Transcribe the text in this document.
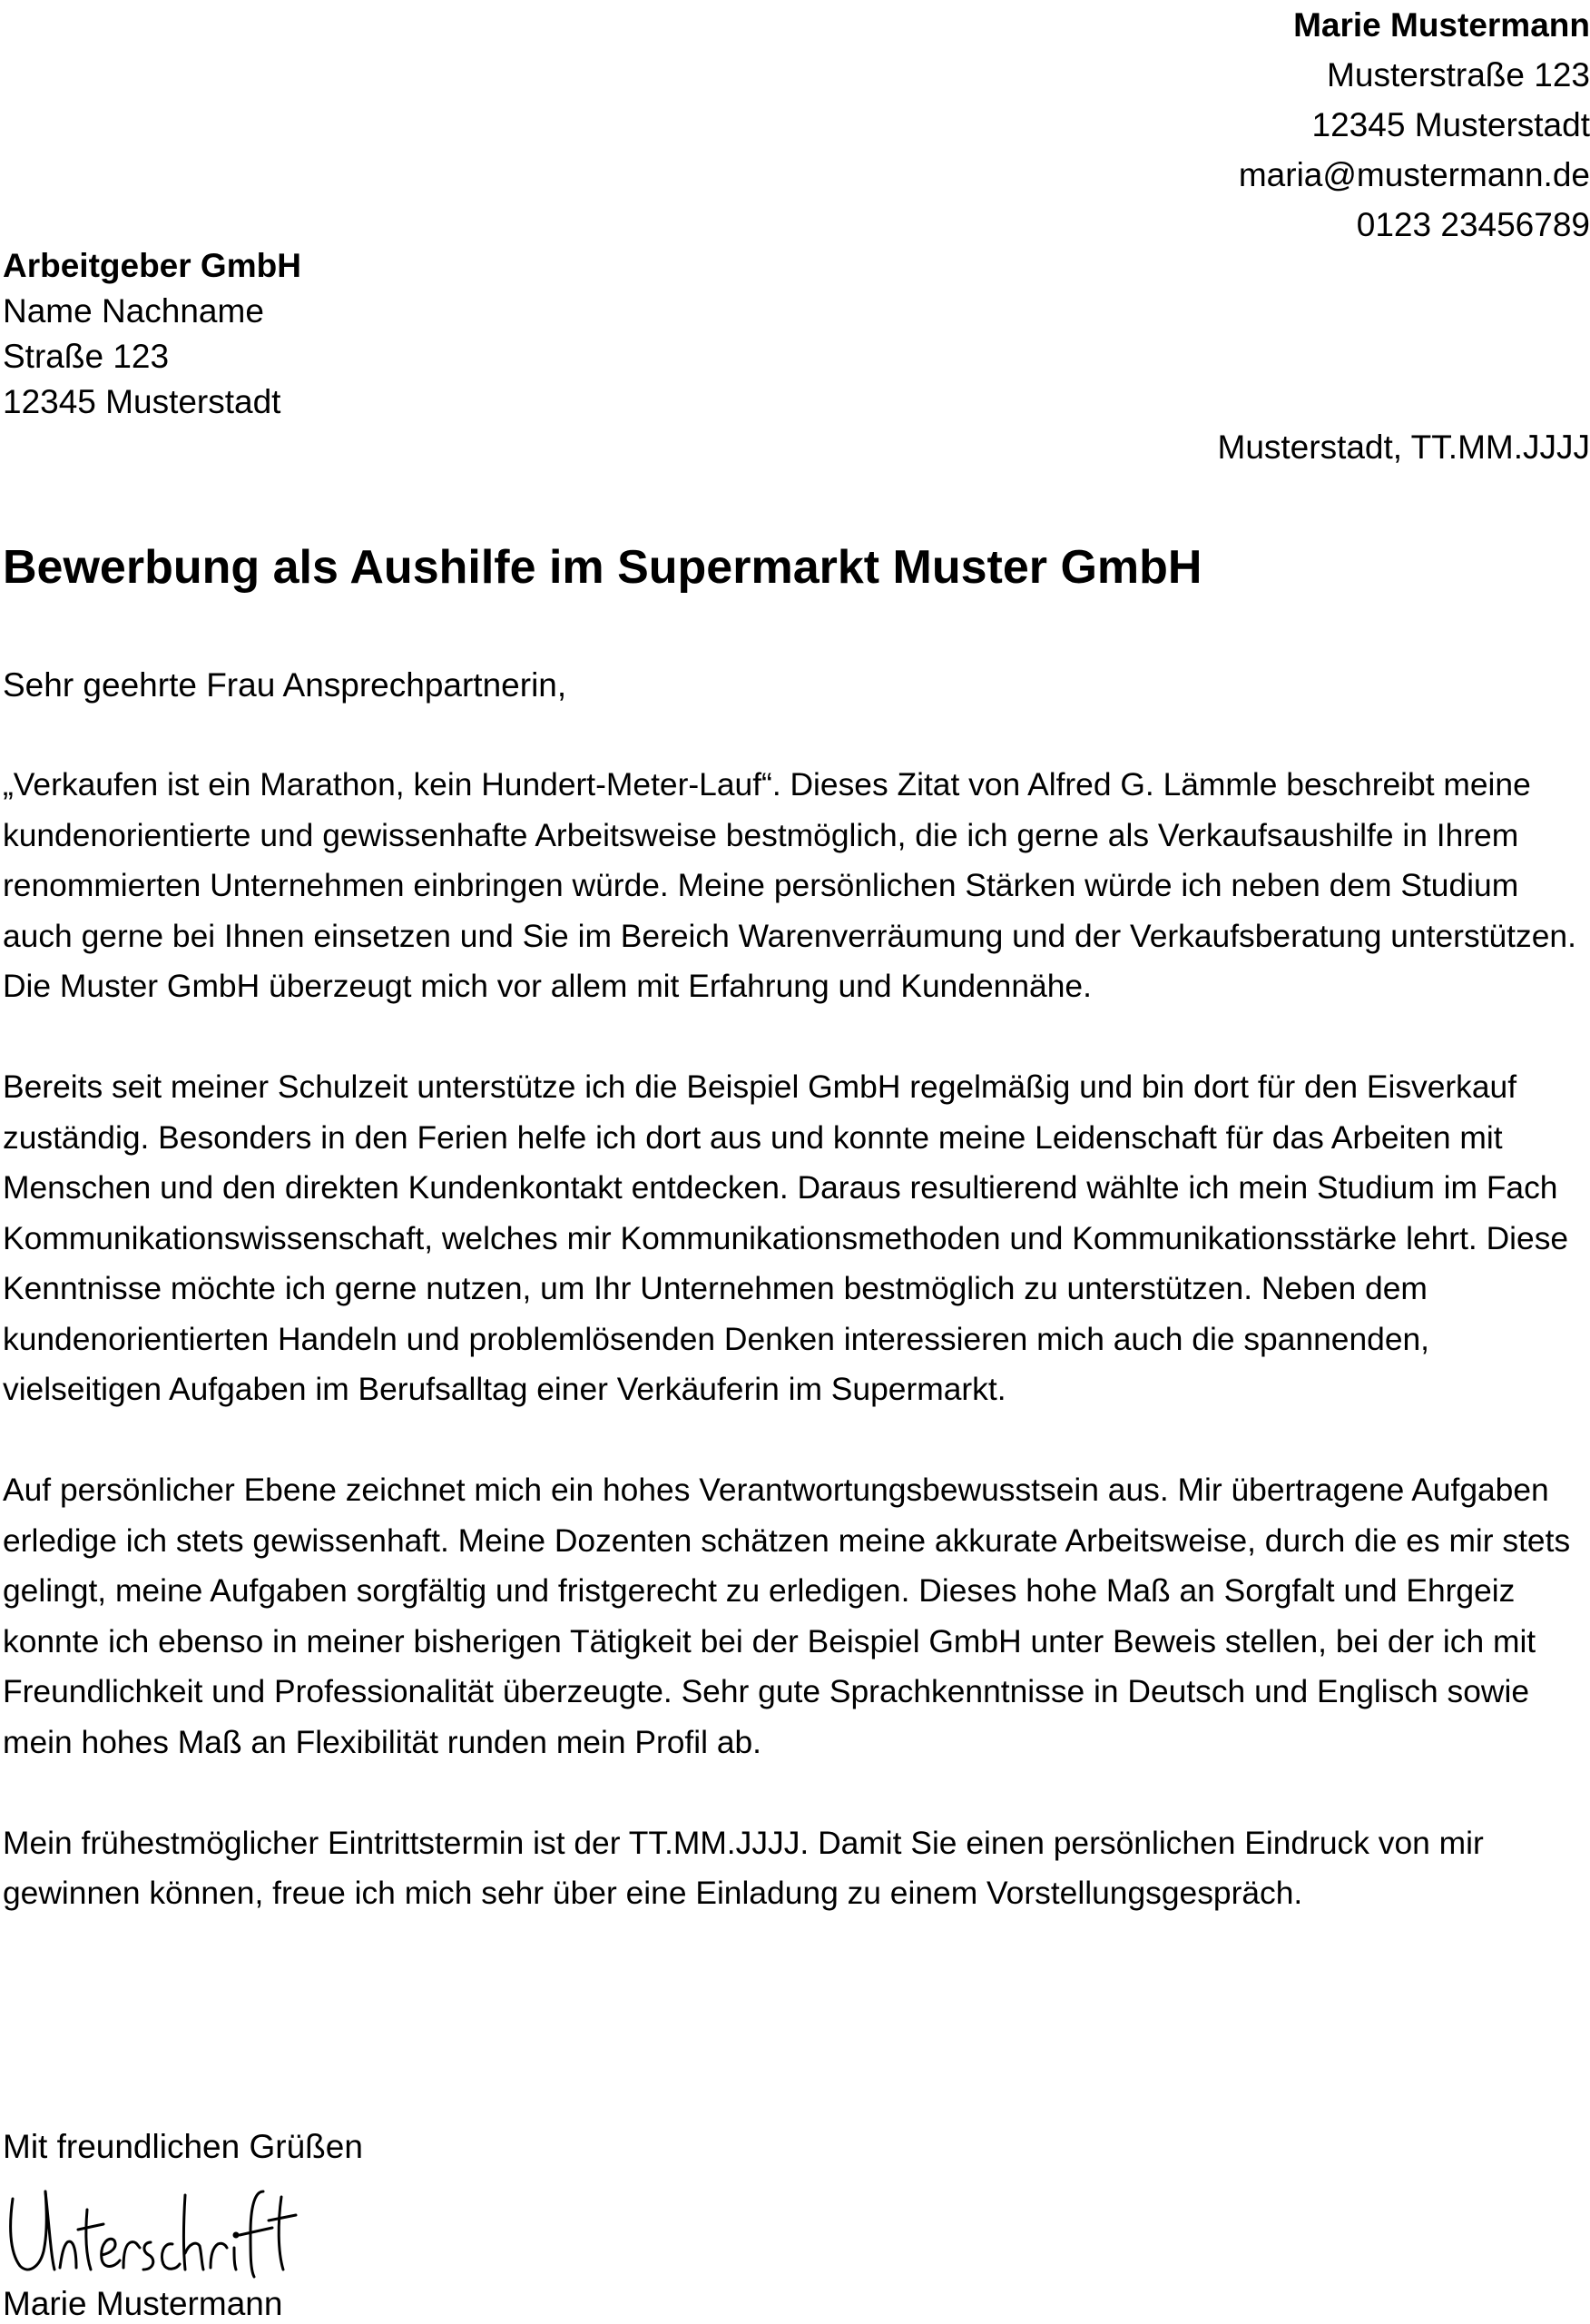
Marie Mustermann
Musterstraße 123
12345 Musterstadt
maria@mustermann.de
0123 23456789
Arbeitgeber GmbH
Name Nachname
Straße 123
12345 Musterstadt
Musterstadt, TT.MM.JJJJ
Bewerbung als Aushilfe im Supermarkt Muster GmbH
Sehr geehrte Frau Ansprechpartnerin,

„Verkaufen ist ein Marathon, kein Hundert-Meter-Lauf“. Dieses Zitat von Alfred G. Lämmle beschreibt meine kundenorientierte und gewissenhafte Arbeitsweise bestmöglich, die ich gerne als Verkaufsaushilfe in Ihrem renommierten Unternehmen einbringen würde. Meine persönlichen Stärken würde ich neben dem Studium auch gerne bei Ihnen einsetzen und Sie im Bereich Warenverräumung und der Verkaufsberatung unterstützen. Die Muster GmbH überzeugt mich vor allem mit Erfahrung und Kundennähe.

Bereits seit meiner Schulzeit unterstütze ich die Beispiel GmbH regelmäßig und bin dort für den Eisverkauf zuständig. Besonders in den Ferien helfe ich dort aus und konnte meine Leidenschaft für das Arbeiten mit Menschen und den direkten Kundenkontakt entdecken. Daraus resultierend wählte ich mein Studium im Fach Kommunikationswissenschaft, welches mir Kommunikationsmethoden und Kommunikationsstärke lehrt. Diese Kenntnisse möchte ich gerne nutzen, um Ihr Unternehmen bestmöglich zu unterstützen. Neben dem kundenorientierten Handeln und problemlösenden Denken interessieren mich auch die spannenden, vielseitigen Aufgaben im Berufsalltag einer Verkäuferin im Supermarkt.

Auf persönlicher Ebene zeichnet mich ein hohes Verantwortungsbewusstsein aus. Mir übertragene Aufgaben erledige ich stets gewissenhaft. Meine Dozenten schätzen meine akkurate Arbeitsweise, durch die es mir stets gelingt, meine Aufgaben sorgfältig und fristgerecht zu erledigen. Dieses hohe Maß an Sorgfalt und Ehrgeiz konnte ich ebenso in meiner bisherigen Tätigkeit bei der Beispiel GmbH unter Beweis stellen, bei der ich mit Freundlichkeit und Professionalität überzeugte. Sehr gute Sprachkenntnisse in Deutsch und Englisch sowie mein hohes Maß an Flexibilität runden mein Profil ab.

Mein frühestmöglicher Eintrittstermin ist der TT.MM.JJJJ. Damit Sie einen persönlichen Eindruck von mir gewinnen können, freue ich mich sehr über eine Einladung zu einem Vorstellungsgespräch.

Mit freundlichen Grüßen
Marie Mustermann
